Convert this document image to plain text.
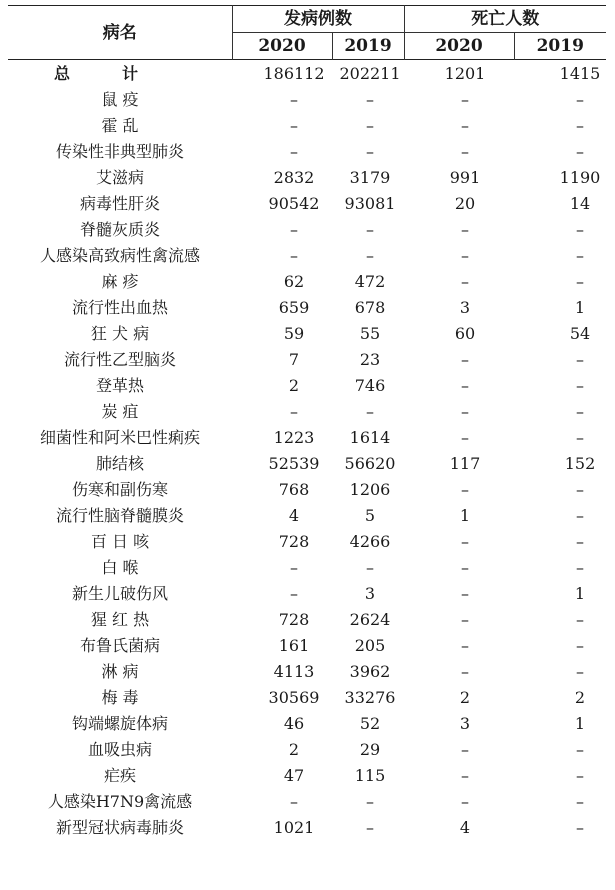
病名	发病例数		死亡人数	
	2020	2019	2020	2019
总　计	186112	202211	1201	1415
鼠 疫	–	–	–	–
霍 乱	–	–	–	–
传染性非典型肺炎	–	–	–	–
艾滋病	2832	3179	991	1190
病毒性肝炎	90542	93081	20	14
脊髓灰质炎	–	–	–	–
人感染高致病性禽流感	–	–	–	–
麻 疹	62	472	–	–
流行性出血热	659	678	3	1
狂 犬 病	59	55	60	54
流行性乙型脑炎	7	23	–	–
登革热	2	746	–	–
炭 疽	–	–	–	–
细菌性和阿米巴性痢疾	1223	1614	–	–
肺结核	52539	56620	117	152
伤寒和副伤寒	768	1206	–	–
流行性脑脊髓膜炎	4	5	1	–
百 日 咳	728	4266	–	–
白 喉	–	–	–	–
新生儿破伤风	–	3	–	1
猩 红 热	728	2624	–	–
布鲁氏菌病	161	205	–	–
淋 病	4113	3962	–	–
梅 毒	30569	33276	2	2
钩端螺旋体病	46	52	3	1
血吸虫病	2	29	–	–
疟疾	47	115	–	–
人感染H7N9禽流感	–	–	–	–
新型冠状病毒肺炎	1021	–	4	–
